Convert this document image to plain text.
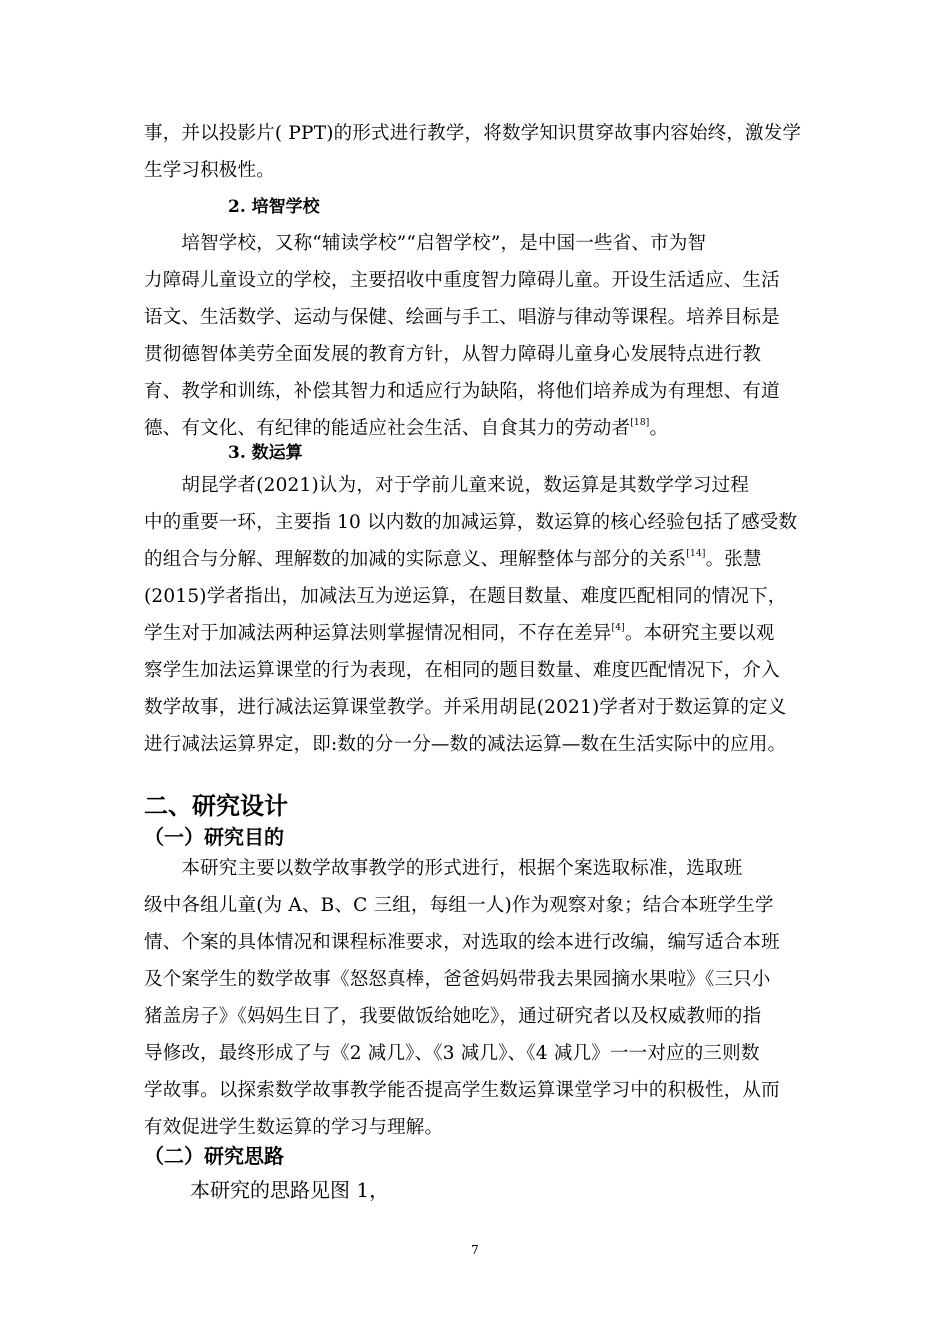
事，并以投影片( PPT)的形式进行教学，将数学知识贯穿故事内容始终，激发学
生学习积极性。
2. 培智学校
　　培智学校，又称“辅读学校”“启智学校”，是中国一些省、市为智
力障碍儿童设立的学校，主要招收中重度智力障碍儿童。开设生活适应、生活
语文、生活数学、运动与保健、绘画与手工、唱游与律动等课程。培养目标是
贯彻德智体美劳全面发展的教育方针，从智力障碍儿童身心发展特点进行教
育、教学和训练，补偿其智力和适应行为缺陷，将他们培养成为有理想、有道
德、有文化、有纪律的能适应社会生活、自食其力的劳动者[18]。
3. 数运算
　　胡昆学者(2021)认为，对于学前儿童来说，数运算是其数学学习过程
中的重要一环，主要指 10 以内数的加减运算，数运算的核心经验包括了感受数
的组合与分解、理解数的加减的实际意义、理解整体与部分的关系[14]。张慧
(2015)学者指出，加减法互为逆运算，在题目数量、难度匹配相同的情况下，
学生对于加减法两种运算法则掌握情况相同，不存在差异[4]。本研究主要以观
察学生加法运算课堂的行为表现，在相同的题目数量、难度匹配情况下，介入
数学故事，进行减法运算课堂教学。并采用胡昆(2021)学者对于数运算的定义
进行减法运算界定，即:数的分一分—数的减法运算—数在生活实际中的应用。
二、研究设计
（一）研究目的
　　本研究主要以数学故事教学的形式进行，根据个案选取标准，选取班
级中各组儿童(为 A、B、C 三组，每组一人)作为观察对象；结合本班学生学
情、个案的具体情况和课程标准要求，对选取的绘本进行改编，编写适合本班
及个案学生的数学故事《怒怒真棒，爸爸妈妈带我去果园摘水果啦》《三只小
猪盖房子》《妈妈生日了，我要做饭给她吃》，通过研究者以及权威教师的指
导修改，最终形成了与《2 减几》、《3 减几》、《4 减几》一一对应的三则数
学故事。以探索数学故事教学能否提高学生数运算课堂学习中的积极性，从而
有效促进学生数运算的学习与理解。
（二）研究思路
本研究的思路见图 1，
7
